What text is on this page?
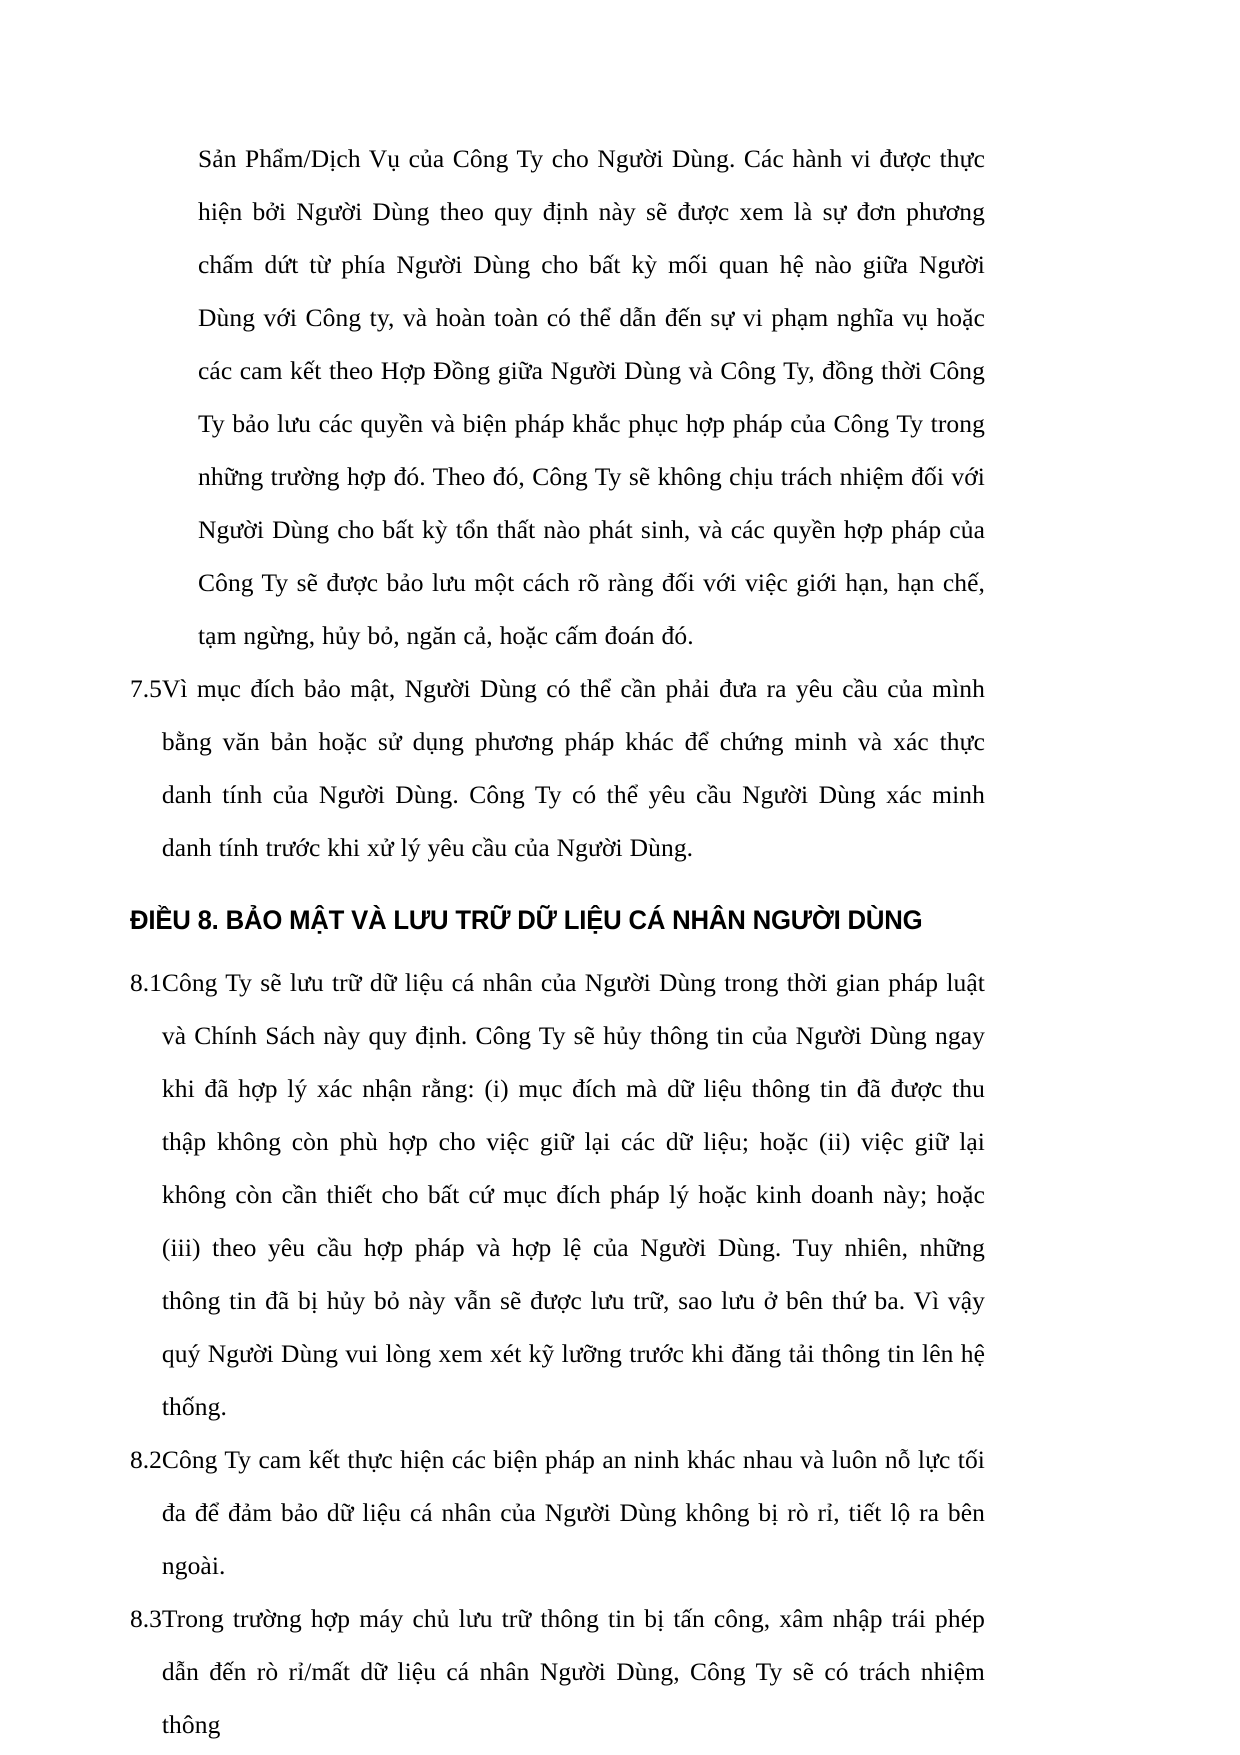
Sản Phẩm/Dịch Vụ của Công Ty cho Người Dùng. Các hành vi được thực hiện bởi Người Dùng theo quy định này sẽ được xem là sự đơn phương chấm dứt từ phía Người Dùng cho bất kỳ mối quan hệ nào giữa Người Dùng với Công ty, và hoàn toàn có thể dẫn đến sự vi phạm nghĩa vụ hoặc các cam kết theo Hợp Đồng giữa Người Dùng và Công Ty, đồng thời Công Ty bảo lưu các quyền và biện pháp khắc phục hợp pháp của Công Ty trong những trường hợp đó. Theo đó, Công Ty sẽ không chịu trách nhiệm đối với Người Dùng cho bất kỳ tổn thất nào phát sinh, và các quyền hợp pháp của Công Ty sẽ được bảo lưu một cách rõ ràng đối với việc giới hạn, hạn chế, tạm ngừng, hủy bỏ, ngăn cả, hoặc cấm đoán đó.

7.5 Vì mục đích bảo mật, Người Dùng có thể cần phải đưa ra yêu cầu của mình bằng văn bản hoặc sử dụng phương pháp khác để chứng minh và xác thực danh tính của Người Dùng. Công Ty có thể yêu cầu Người Dùng xác minh danh tính trước khi xử lý yêu cầu của Người Dùng.

ĐIỀU 8. BẢO MẬT VÀ LƯU TRỮ DỮ LIỆU CÁ NHÂN NGƯỜI DÙNG
8.1 Công Ty sẽ lưu trữ dữ liệu cá nhân của Người Dùng trong thời gian pháp luật và Chính Sách này quy định. Công Ty sẽ hủy thông tin của Người Dùng ngay khi đã hợp lý xác nhận rằng: (i) mục đích mà dữ liệu thông tin đã được thu thập không còn phù hợp cho việc giữ lại các dữ liệu; hoặc (ii) việc giữ lại không còn cần thiết cho bất cứ mục đích pháp lý hoặc kinh doanh này; hoặc (iii) theo yêu cầu hợp pháp và hợp lệ của Người Dùng. Tuy nhiên, những thông tin đã bị hủy bỏ này vẫn sẽ được lưu trữ, sao lưu ở bên thứ ba. Vì vậy quý Người Dùng vui lòng xem xét kỹ lưỡng trước khi đăng tải thông tin lên hệ thống.

8.2 Công Ty cam kết thực hiện các biện pháp an ninh khác nhau và luôn nỗ lực tối đa để đảm bảo dữ liệu cá nhân của Người Dùng không bị rò rỉ, tiết lộ ra bên ngoài.

8.3 Trong trường hợp máy chủ lưu trữ thông tin bị tấn công, xâm nhập trái phép dẫn đến rò rỉ/mất dữ liệu cá nhân Người Dùng, Công Ty sẽ có trách nhiệm thông
